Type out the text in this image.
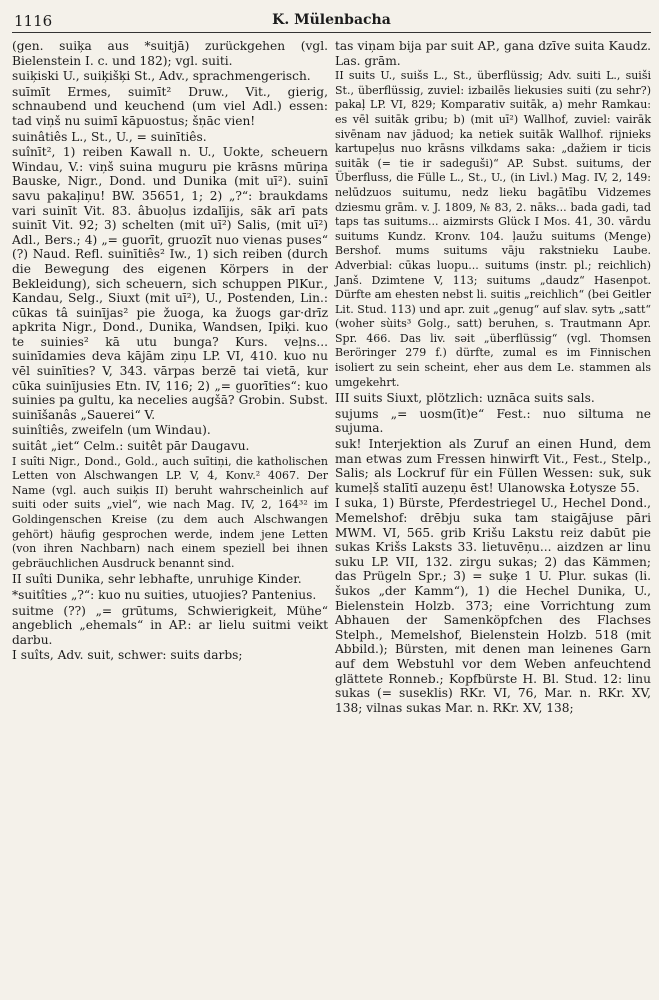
1116	K. Mülenbacha

(gen. suiķa aus *suitjā) zurückgehen (vgl. Bielenstein I. c. und 182); vgl. suiti.

suiķiski U., suiķišķi St., Adv., sprachmengerisch.

suīmīt Ermes, suimīt² Druw., Vit., gierig, schnaubend und keuchend (um viel Adl.) essen: tad viņš nu suimī kāpuostus; šņāc vien!

suinâtiês L., St., U., = suinītiês.

suînīt², 1) reiben Kawall n. U., Uokte, scheuern Windau, V.: viņš suina muguru pie krāsns mūriņa Bauske, Nigr., Dond. und Dunika (mit uī²). suinī savu pakaļiņu! BW. 35651, 1; 2) „?“: braukdams vari suinīt Vit. 83. âbuoļus izdalījis, sāk arī pats suinīt Vit. 92; 3) schelten (mit uī²) Salis, (mit uī²) Adl., Bers.; 4) „= guorīt, gruozīt nuo vienas puses“ (?) Naud. Refl. suinītiês² Iw., 1) sich reiben (durch die Bewegung des eigenen Körpers in der Bekleidung), sich scheuern, sich schuppen PlKur., Kandau, Selg., Siuxt (mit uī²), U., Postenden, Lin.: cūkas tâ suinījas² pie žuoga, ka žuogs gar·drīz apkrita Nigr., Dond., Dunika, Wandsen, Ipiķi. kuo te suinies² kā utu bunga? Kurs. veļns... suinīdamies deva kājām ziņu LP. VI, 410. kuo nu vēl suinīties? V, 343. vārpas berzē tai vietā, kur cūka suinījusies Etn. IV, 116; 2) „= guorīties“: kuo suinies pa gultu, ka necelies augšā? Grobin. Subst. suinīšanâs „Sauerei“ V.

suinîtiês, zweifeln (um Windau).

suitât „iet“ Celm.: suitêt pār Daugavu.

I suîti Nigr., Dond., Gold., auch suītiņi, die katholischen Letten von Alschwangen LP. V, 4, Konv.² 4067. Der Name (vgl. auch suiķis II) beruht wahrscheinlich auf suiti oder suits „viel“, wie nach Mag. IV, 2, 164³² im Goldingenschen Kreise (zu dem auch Alschwangen gehört) häufig gesprochen werde, indem jene Letten (von ihren Nachbarn) nach einem speziell bei ihnen gebräuchlichen Ausdruck benannt sind.

II suîti Dunika, sehr lebhafte, unruhige Kinder.

*suitîties „?“: kuo nu suities, utuojies? Pantenius.

suitme (??) „= grūtums, Schwierigkeit, Mühe“ angeblich „ehemals“ in AP.: ar lielu suitmi veikt darbu.

I suîts, Adv. suit, schwer: suits darbs;

tas viņam bija par suit AP., gana dzīve suita Kaudz. Las. grām.

II suits U., suišs L., St., überflüssig; Adv. suiti L., suiši St., überflüssig, zuviel: izbailēs liekusies suiti (zu sehr?) pakaļ LP. VI, 829; Komparativ suitāk, a) mehr Ramkau: es vēl suitāk gribu; b) (mit uī²) Wallhof, zuviel: vairāk sivēnam nav jāduod; ka netiek suitāk Wallhof. rijnieks kartupeļus nuo krāsns vilkdams saka: „dažiem ir ticis suitāk (= tie ir sadeguši)“ AP. Subst. suitums, der Überfluss, die Fülle L., St., U., (in Livl.) Mag. IV, 2, 149: nelūdzuos suitumu, nedz lieku bagātību Vidzemes dziesmu grām. v. J. 1809, № 83, 2. nāks... bada gadi, tad taps tas suitums... aizmirsts Glück I Mos. 41, 30. vārdu suitums Kundz. Kronv. 104. ļaužu suitums (Menge) Bershof. mums suitums vāju rakstnieku Laube. Adverbial: cūkas luopu... suitums (instr. pl.; reichlich) Janš. Dzimtene V, 113; suitums „daudz“ Hasenpot. Dürfte am ehesten nebst li. suitis „reichlich“ (bei Geitler Lit. Stud. 113) und apr. zuit „genug“ auf slav. sytъ „satt“ (woher sùits³ Golg., satt) beruhen, s. Trautmann Apr. Spr. 466. Das liv. sǝit „überflüssig“ (vgl. Thomsen Beröringer 279 f.) dürfte, zumal es im Finnischen isoliert zu sein scheint, eher aus dem Le. stammen als umgekehrt.

III suits Siuxt, plötzlich: uznāca suits sals.

sujums „= uosm(īt)e“ Fest.: nuo siltuma ne sujuma.

suk! Interjektion als Zuruf an einen Hund, dem man etwas zum Fressen hinwirft Vit., Fest., Stelp., Salis; als Lockruf für ein Füllen Wessen: suk, suk kumeļš stalītī auzeņu ēst! Ulanowska Łotysze 55.

I suka, 1) Bürste, Pferdestriegel U., Hechel Dond., Memelshof: drēbju suka tam staigājuse pāri MWM. VI, 565. grib Krišu Lakstu reiz dabūt pie sukas Krišs Laksts 33. lietuvēņu... aizdzen ar linu suku LP. VII, 132. zirgu sukas; 2) das Kämmen; das Prügeln Spr.; 3) = suķe 1 U. Plur. sukas (li. šukos „der Kamm“), 1) die Hechel Dunika, U., Bielenstein Holzb. 373; eine Vorrichtung zum Abhauen der Samenköpfchen des Flachses Stelph., Memelshof, Bielenstein Holzb. 518 (mit Abbild.); Bürsten, mit denen man leinenes Garn auf dem Webstuhl vor dem Weben anfeuchtend glättete Ronneb.; Kopfbürste H. Bl. Stud. 12: linu sukas (= susekli̇s) RKr. VI, 76, Mar. n. RKr. XV, 138; vilnas sukas Mar. n. RKr. XV, 138;
